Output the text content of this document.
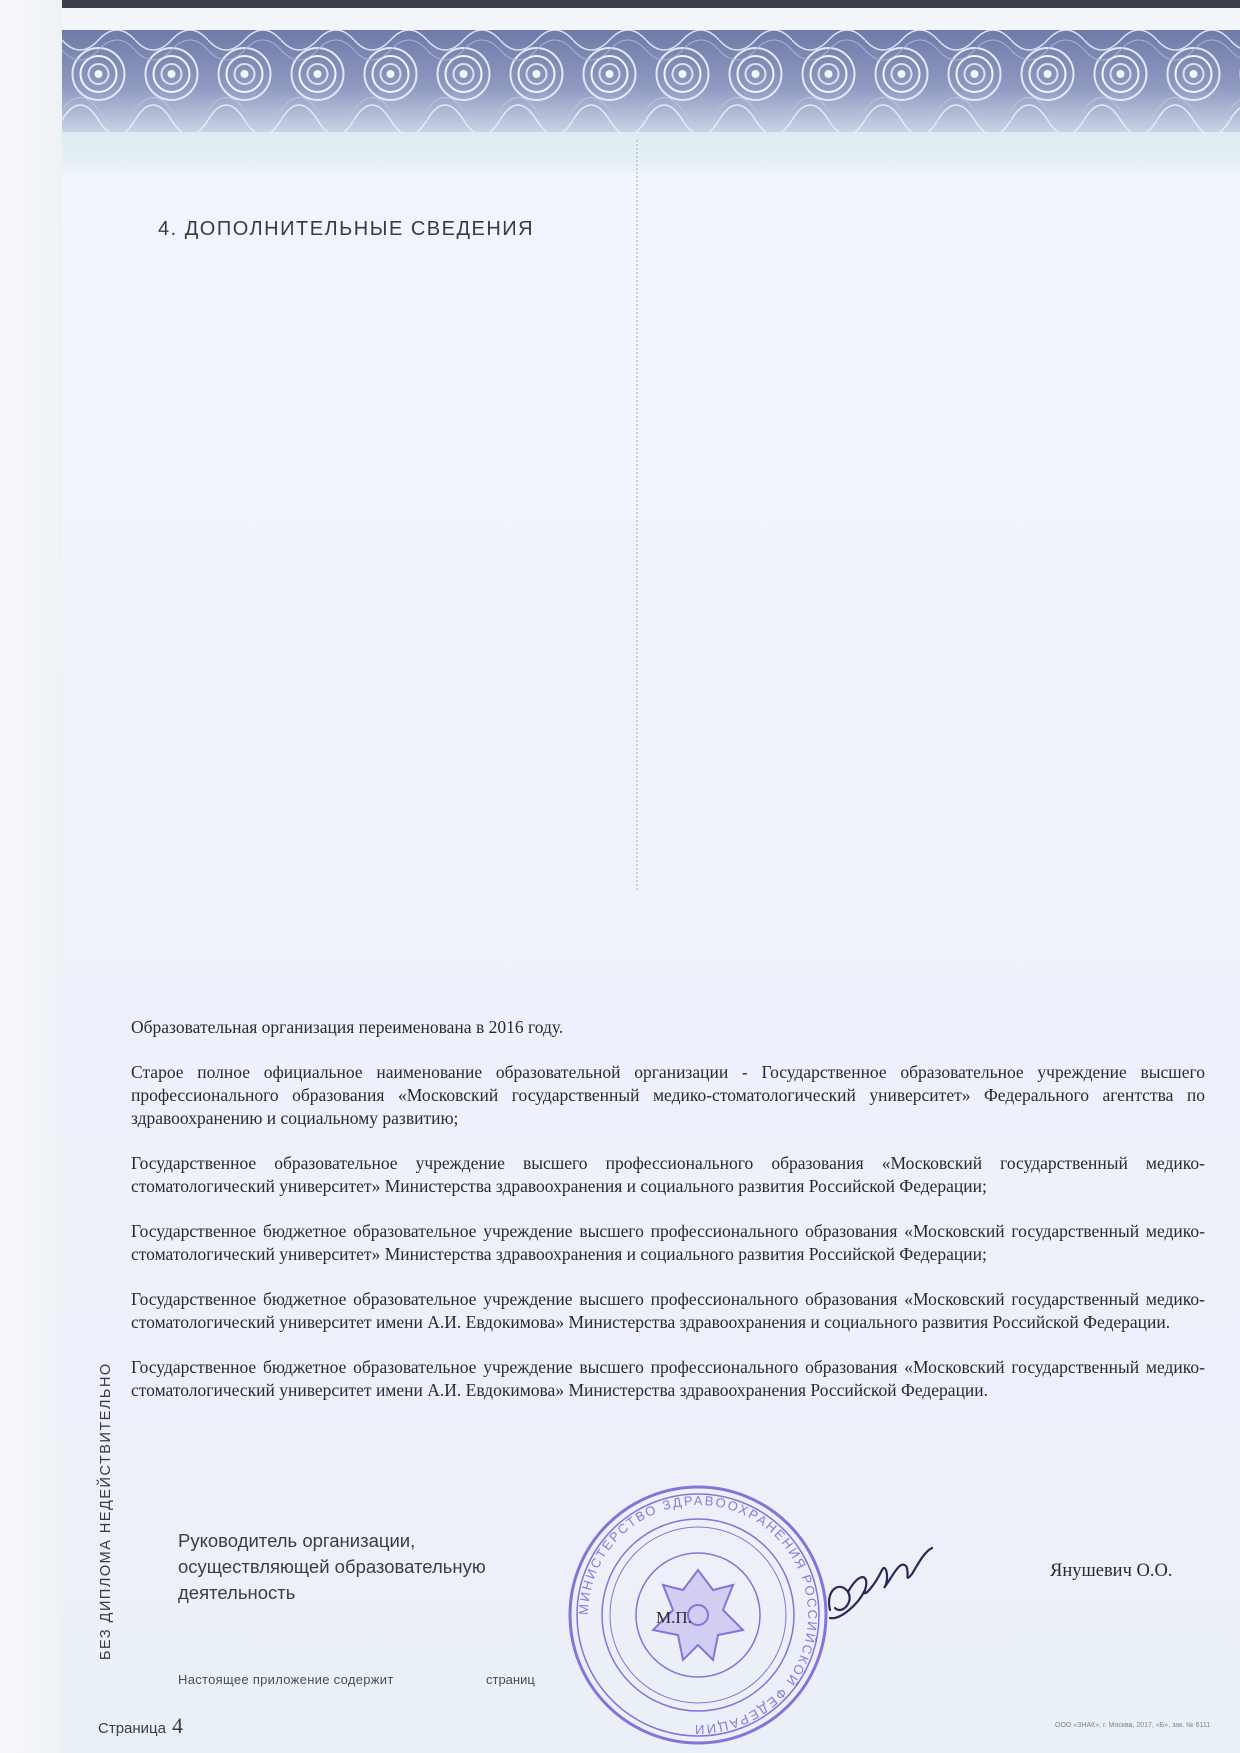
4. ДОПОЛНИТЕЛЬНЫЕ СВЕДЕНИЯ

Образовательная организация переименована в 2016 году.

Старое полное официальное наименование образовательной организации - Государственное образовательное учреждение высшего профессионального образования «Московский государственный медико-стоматологический университет» Федерального агентства по здравоохранению и социальному развитию;

Государственное образовательное учреждение высшего профессионального образования «Московский государственный медико-стоматологический университет» Министерства здравоохранения и социального развития Российской Федерации;

Государственное бюджетное образовательное учреждение высшего профессионального образования «Московский государственный медико-стоматологический университет» Министерства здравоохранения и социального развития Российской Федерации;

Государственное бюджетное образовательное учреждение высшего профессионального образования «Московский государственный медико-стоматологический университет имени А.И. Евдокимова» Министерства здравоохранения и социального развития Российской Федерации.

Государственное бюджетное образовательное учреждение высшего профессионального образования «Московский государственный медико-стоматологический университет имени А.И. Евдокимова» Министерства здравоохранения Российской Федерации.

БЕЗ ДИПЛОМА НЕДЕЙСТВИТЕЛЬНО	Руководитель организации,
осуществляющей образовательную
деятельность
МИНИСТЕРСТВО ЗДРАВООХРАНЕНИЯ РОССИЙСКОЙ ФЕДЕРАЦИИ
М.П.
Янушевич О.О.
Настоящее приложение содержит	страниц
Страница 4	ООО «ЗНАК», г. Москва, 2017, «Б», зак. № 6111
